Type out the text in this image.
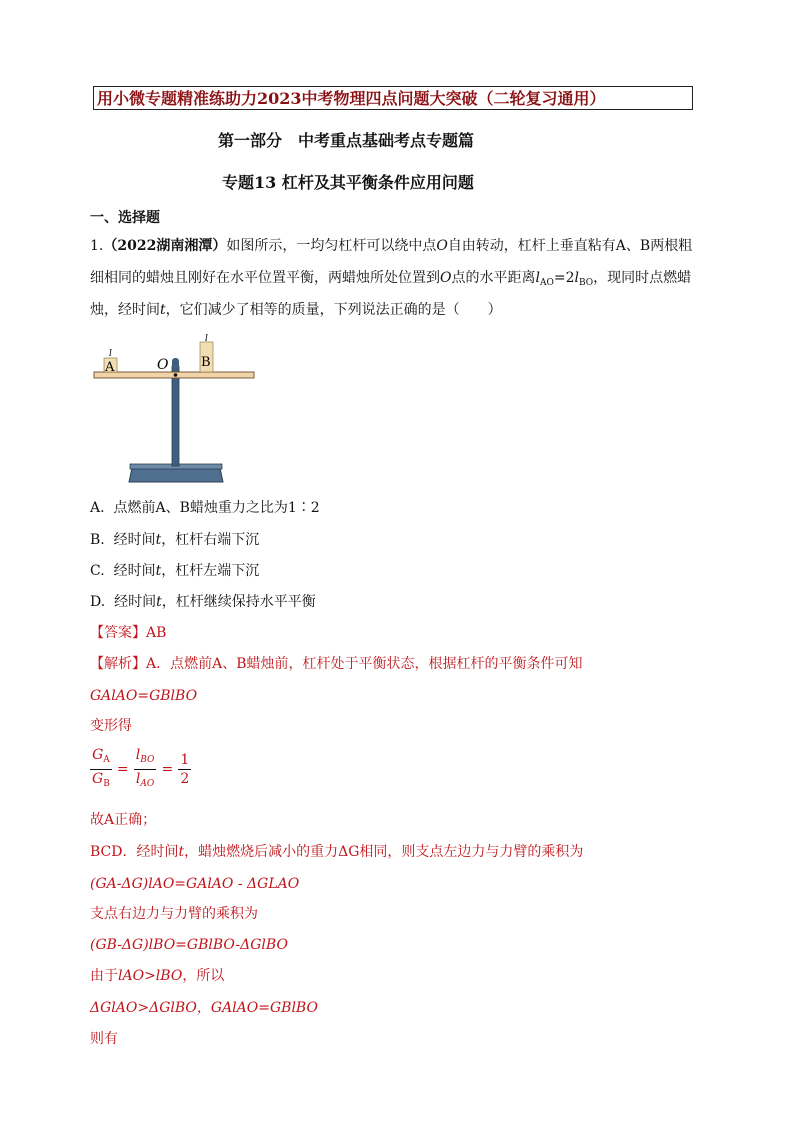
用小微专题精准练助力2023中考物理四点问题大突破（二轮复习通用）
第一部分　中考重点基础考点专题篇
专题13 杠杆及其平衡条件应用问题
一、选择题
1.（2022湖南湘潭）如图所示，一均匀杠杆可以绕中点O自由转动，杠杆上垂直粘有A、B两根粗
细相同的蜡烛且刚好在水平位置平衡，两蜡烛所处位置到O点的水平距离$l_{AO}=2l_{BO}$，现同时点燃蜡
烛，经时间t，它们减少了相等的质量，下列说法正确的是（　　）
A	B
O
l
l
A. 点燃前A、B蜡烛重力之比为1∶2
B. 经时间t，杠杆右端下沉
C. 经时间t，杠杆左端下沉
D. 经时间t，杠杆继续保持水平平衡
【答案】AB
【解析】A．点燃前A、B蜡烛前，杠杆处于平衡状态，根据杠杆的平衡条件可知
GAlAO=GBlBO
变形得
$\frac{G_A}{G_B} = \frac{l_{BO}}{l_{AO}} = \frac{1}{2}$
故A正确；
BCD．经时间t，蜡烛燃烧后减小的重力ΔG相同，则支点左边力与力臂的乘积为
(GA-ΔG)lAO=GAlAO - ΔGLAO
支点右边力与力臂的乘积为
(GB-ΔG)lBO=GBlBO-ΔGlBO
由于lAO>lBO，所以
ΔGlAO>ΔGlBO，GAlAO=GBlBO
则有
